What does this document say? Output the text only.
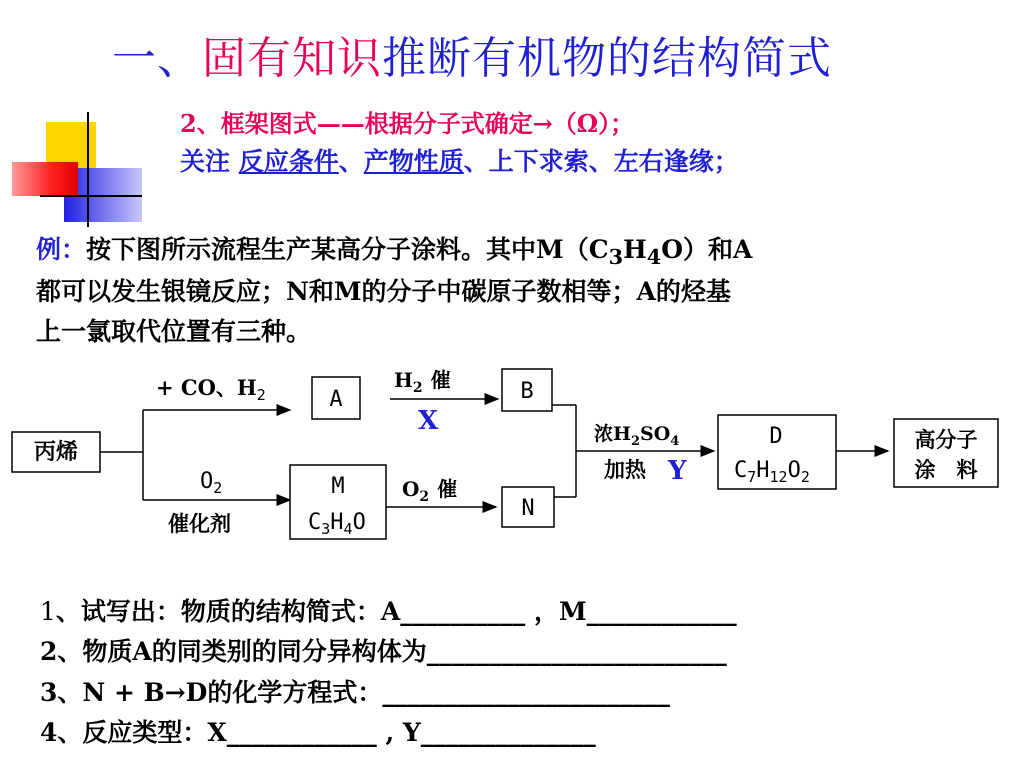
一、固有知识推断有机物的结构简式
2、框架图式——根据分子式确定→（Ω）；
关注 反应条件、产物性质、上下求索、左右逢缘；
例：按下图所示流程生产某高分子涂料。其中$M(C_3H_4O)$和A
都可以发生银镜反应；N和M的分子中碳原子数相等；A的烃基
上一氯取代位置有三种。
丙烯
+ CO、$H_2$
$O_2$
催化剂
A
$H_2$ 催
X
B
M
$C_3H_4O$
$O_2$ 催
N
浓$H_2SO_4$
加热 Y
D
$C_7H_{12}O_2$
高分子
涂　料
1、试写出：物质的结构简式：A__________ ，M____________
2、物质A的同类别的同分异构体为________________________
3、N + B→D的化学方程式：_______________________
4、反应类型：X____________ , Y______________
